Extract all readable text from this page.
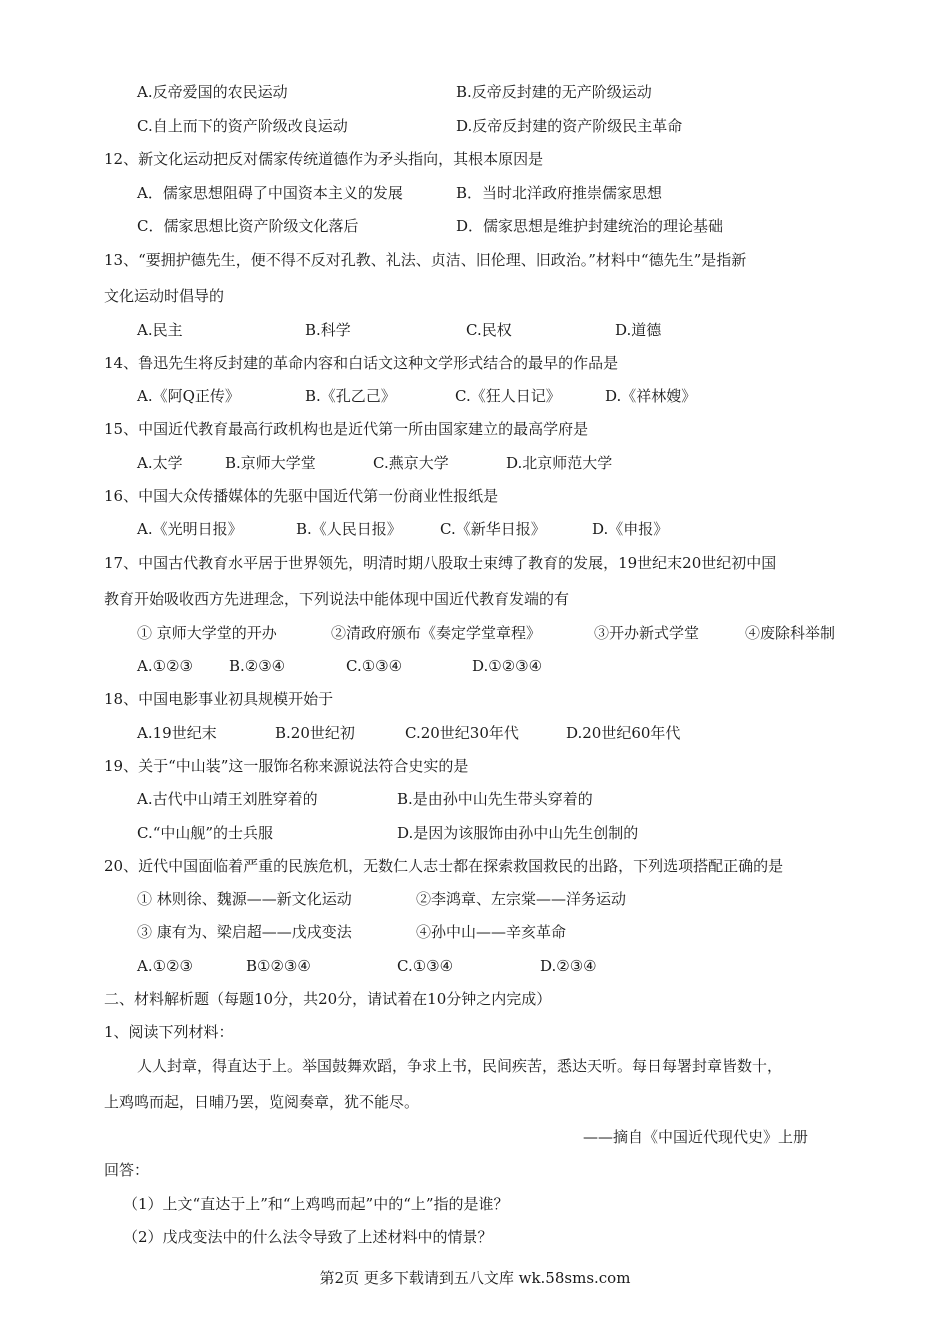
A.反帝爱国的农民运动	B.反帝反封建的无产阶级运动
C.自上而下的资产阶级改良运动	D.反帝反封建的资产阶级民主革命
12、新文化运动把反对儒家传统道德作为矛头指向，其根本原因是
A．儒家思想阻碍了中国资本主义的发展	B．当时北洋政府推崇儒家思想
C．儒家思想比资产阶级文化落后	D．儒家思想是维护封建统治的理论基础
13、“要拥护德先生，便不得不反对孔教、礼法、贞洁、旧伦理、旧政治。”材料中“德先生”是指新
文化运动时倡导的
A.民主	B.科学	C.民权	D.道德
14、鲁迅先生将反封建的革命内容和白话文这种文学形式结合的最早的作品是
A.《阿Q正传》	B.《孔乙己》	C.《狂人日记》	D.《祥林嫂》
15、中国近代教育最高行政机构也是近代第一所由国家建立的最高学府是
A.太学	B.京师大学堂	C.燕京大学	D.北京师范大学
16、中国大众传播媒体的先驱中国近代第一份商业性报纸是
A.《光明日报》	B.《人民日报》	C.《新华日报》	D.《申报》
17、中国古代教育水平居于世界领先，明清时期八股取士束缚了教育的发展，19世纪末20世纪初中国
教育开始吸收西方先进理念，下列说法中能体现中国近代教育发端的有
① 京师大学堂的开办	②清政府颁布《奏定学堂章程》	③开办新式学堂	④废除科举制
A.①②③ B.②③④	C.①③④	D.①②③④
18、中国电影事业初具规模开始于
A.19世纪末	B.20世纪初	C.20世纪30年代	D.20世纪60年代
19、关于“中山装”这一服饰名称来源说法符合史实的是
A.古代中山靖王刘胜穿着的	B.是由孙中山先生带头穿着的
C.“中山舰”的士兵服	D.是因为该服饰由孙中山先生创制的
20、近代中国面临着严重的民族危机，无数仁人志士都在探索救国救民的出路，下列选项搭配正确的是
① 林则徐、魏源——新文化运动	②李鸿章、左宗棠——洋务运动
③ 康有为、梁启超——戊戌变法	④孙中山——辛亥革命
A.①②③	B①②③④	C.①③④	D.②③④
二、材料解析题（每题10分，共20分，请试着在10分钟之内完成）
1、阅读下列材料：
人人封章，得直达于上。举国鼓舞欢蹈，争求上书，民间疾苦，悉达天听。每日每署封章皆数十，
上鸡鸣而起，日晡乃罢，览阅奏章，犹不能尽。
——摘自《中国近代现代史》上册
回答：
（1）上文“直达于上”和“上鸡鸣而起”中的“上”指的是谁？
（2）戊戌变法中的什么法令导致了上述材料中的情景？
第2页 更多下载请到五八文库 wk.58sms.com
